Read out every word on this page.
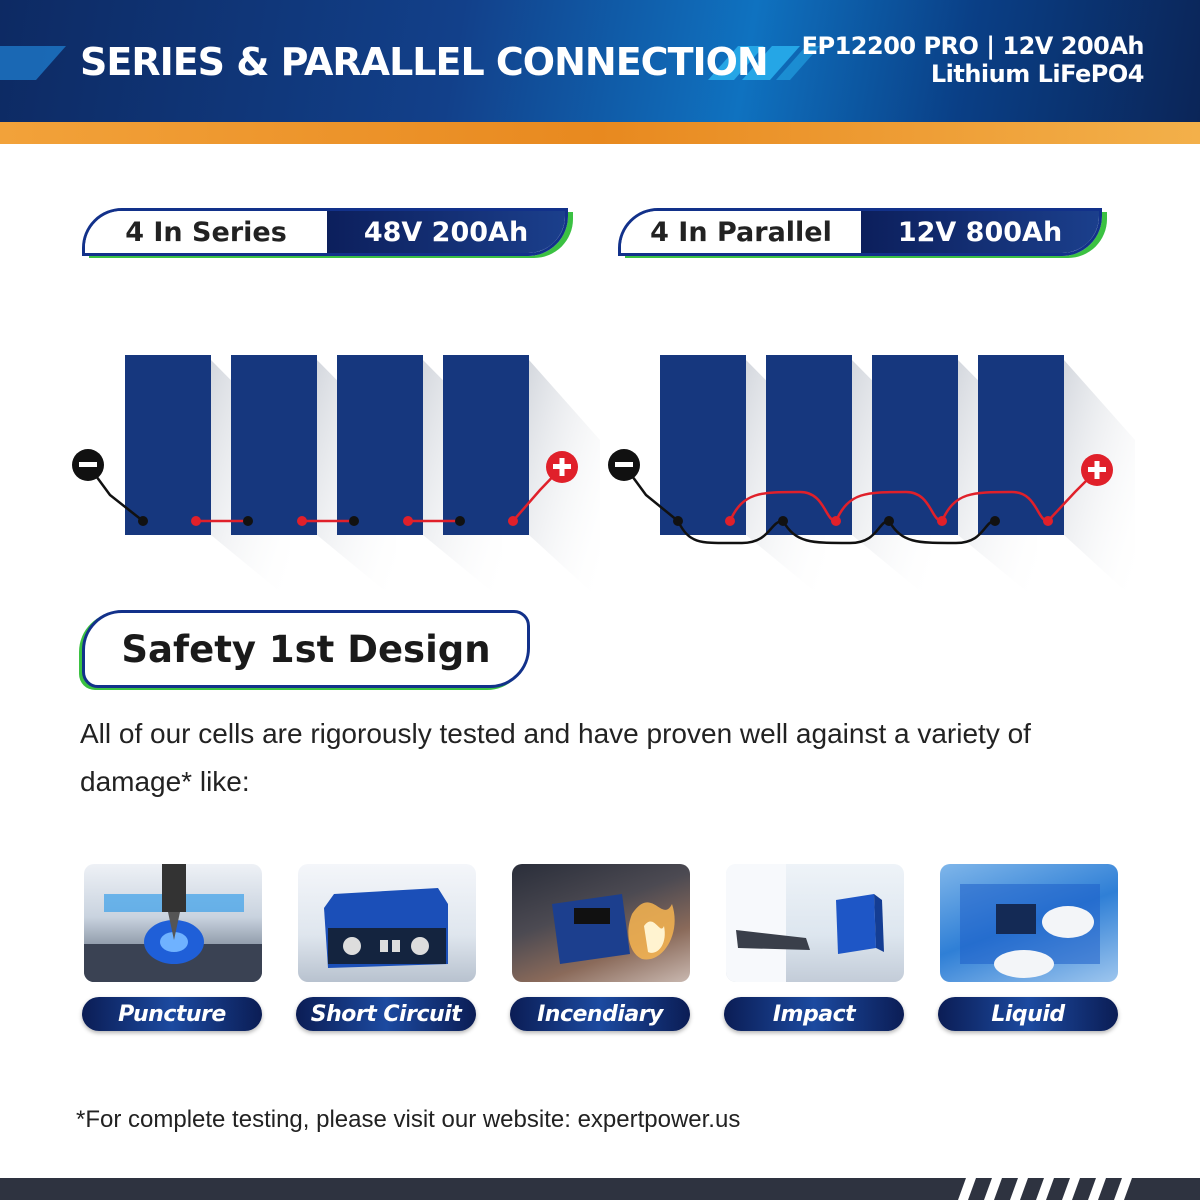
SERIES & PARALLEL CONNECTION EP12200 PRO | 12V 200Ah
Lithium LiFePO4
4 In Series	48V 200Ah	4 In Parallel	12V 800Ah
Safety 1st Design
All of our cells are rigorously tested and have proven well against a variety of damage* like:
Puncture	Short Circuit	Incendiary	Impact	Liquid
*For complete testing, please visit our website: expertpower.us
